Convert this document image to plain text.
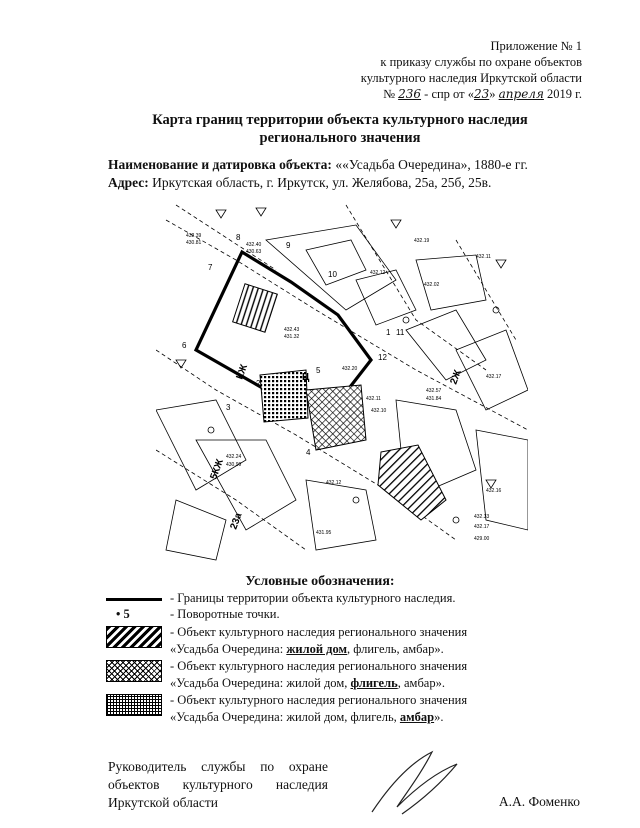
Приложение № 1
к приказу службы по охране объектов
культурного наследия Иркутской области
№ 236 - спр от «23» апреля 2019 г.
Карта границ территории объекта культурного наследия
регионального значения
Наименование и датировка объекта: ««Усадьба Очередина», 1880-е гг.
Адрес: Иркутская область, г. Иркутск, ул. Желябова, 25а, 25б, 25в.
1
2
3
4
5
6
7
8
9
10
11
12
КЖ	2Ж
5КЖ
23а
Ц
432.40
430.63
432.39
430.81	432.19
432.12
432.11
432.02
432.43
431.32
432.20
432.11
432.17
432.57
431.84
432.24
430.99
432.12
432.10
432.16
431.95
429.00
432.33
432.17
Условные обозначения:
- Границы территории объекта культурного наследия.
• 5	- Поворотные точки.
- Объект культурного наследия регионального значения
«Усадьба Очередина: жилой дом, флигель, амбар».
- Объект культурного наследия регионального значения
«Усадьба Очередина: жилой дом, флигель, амбар».
- Объект культурного наследия регионального значения
«Усадьба Очередина: жилой дом, флигель, амбар».
Руководитель службы по охране
объектов культурного наследия
Иркутской области	А.А. Фоменко
